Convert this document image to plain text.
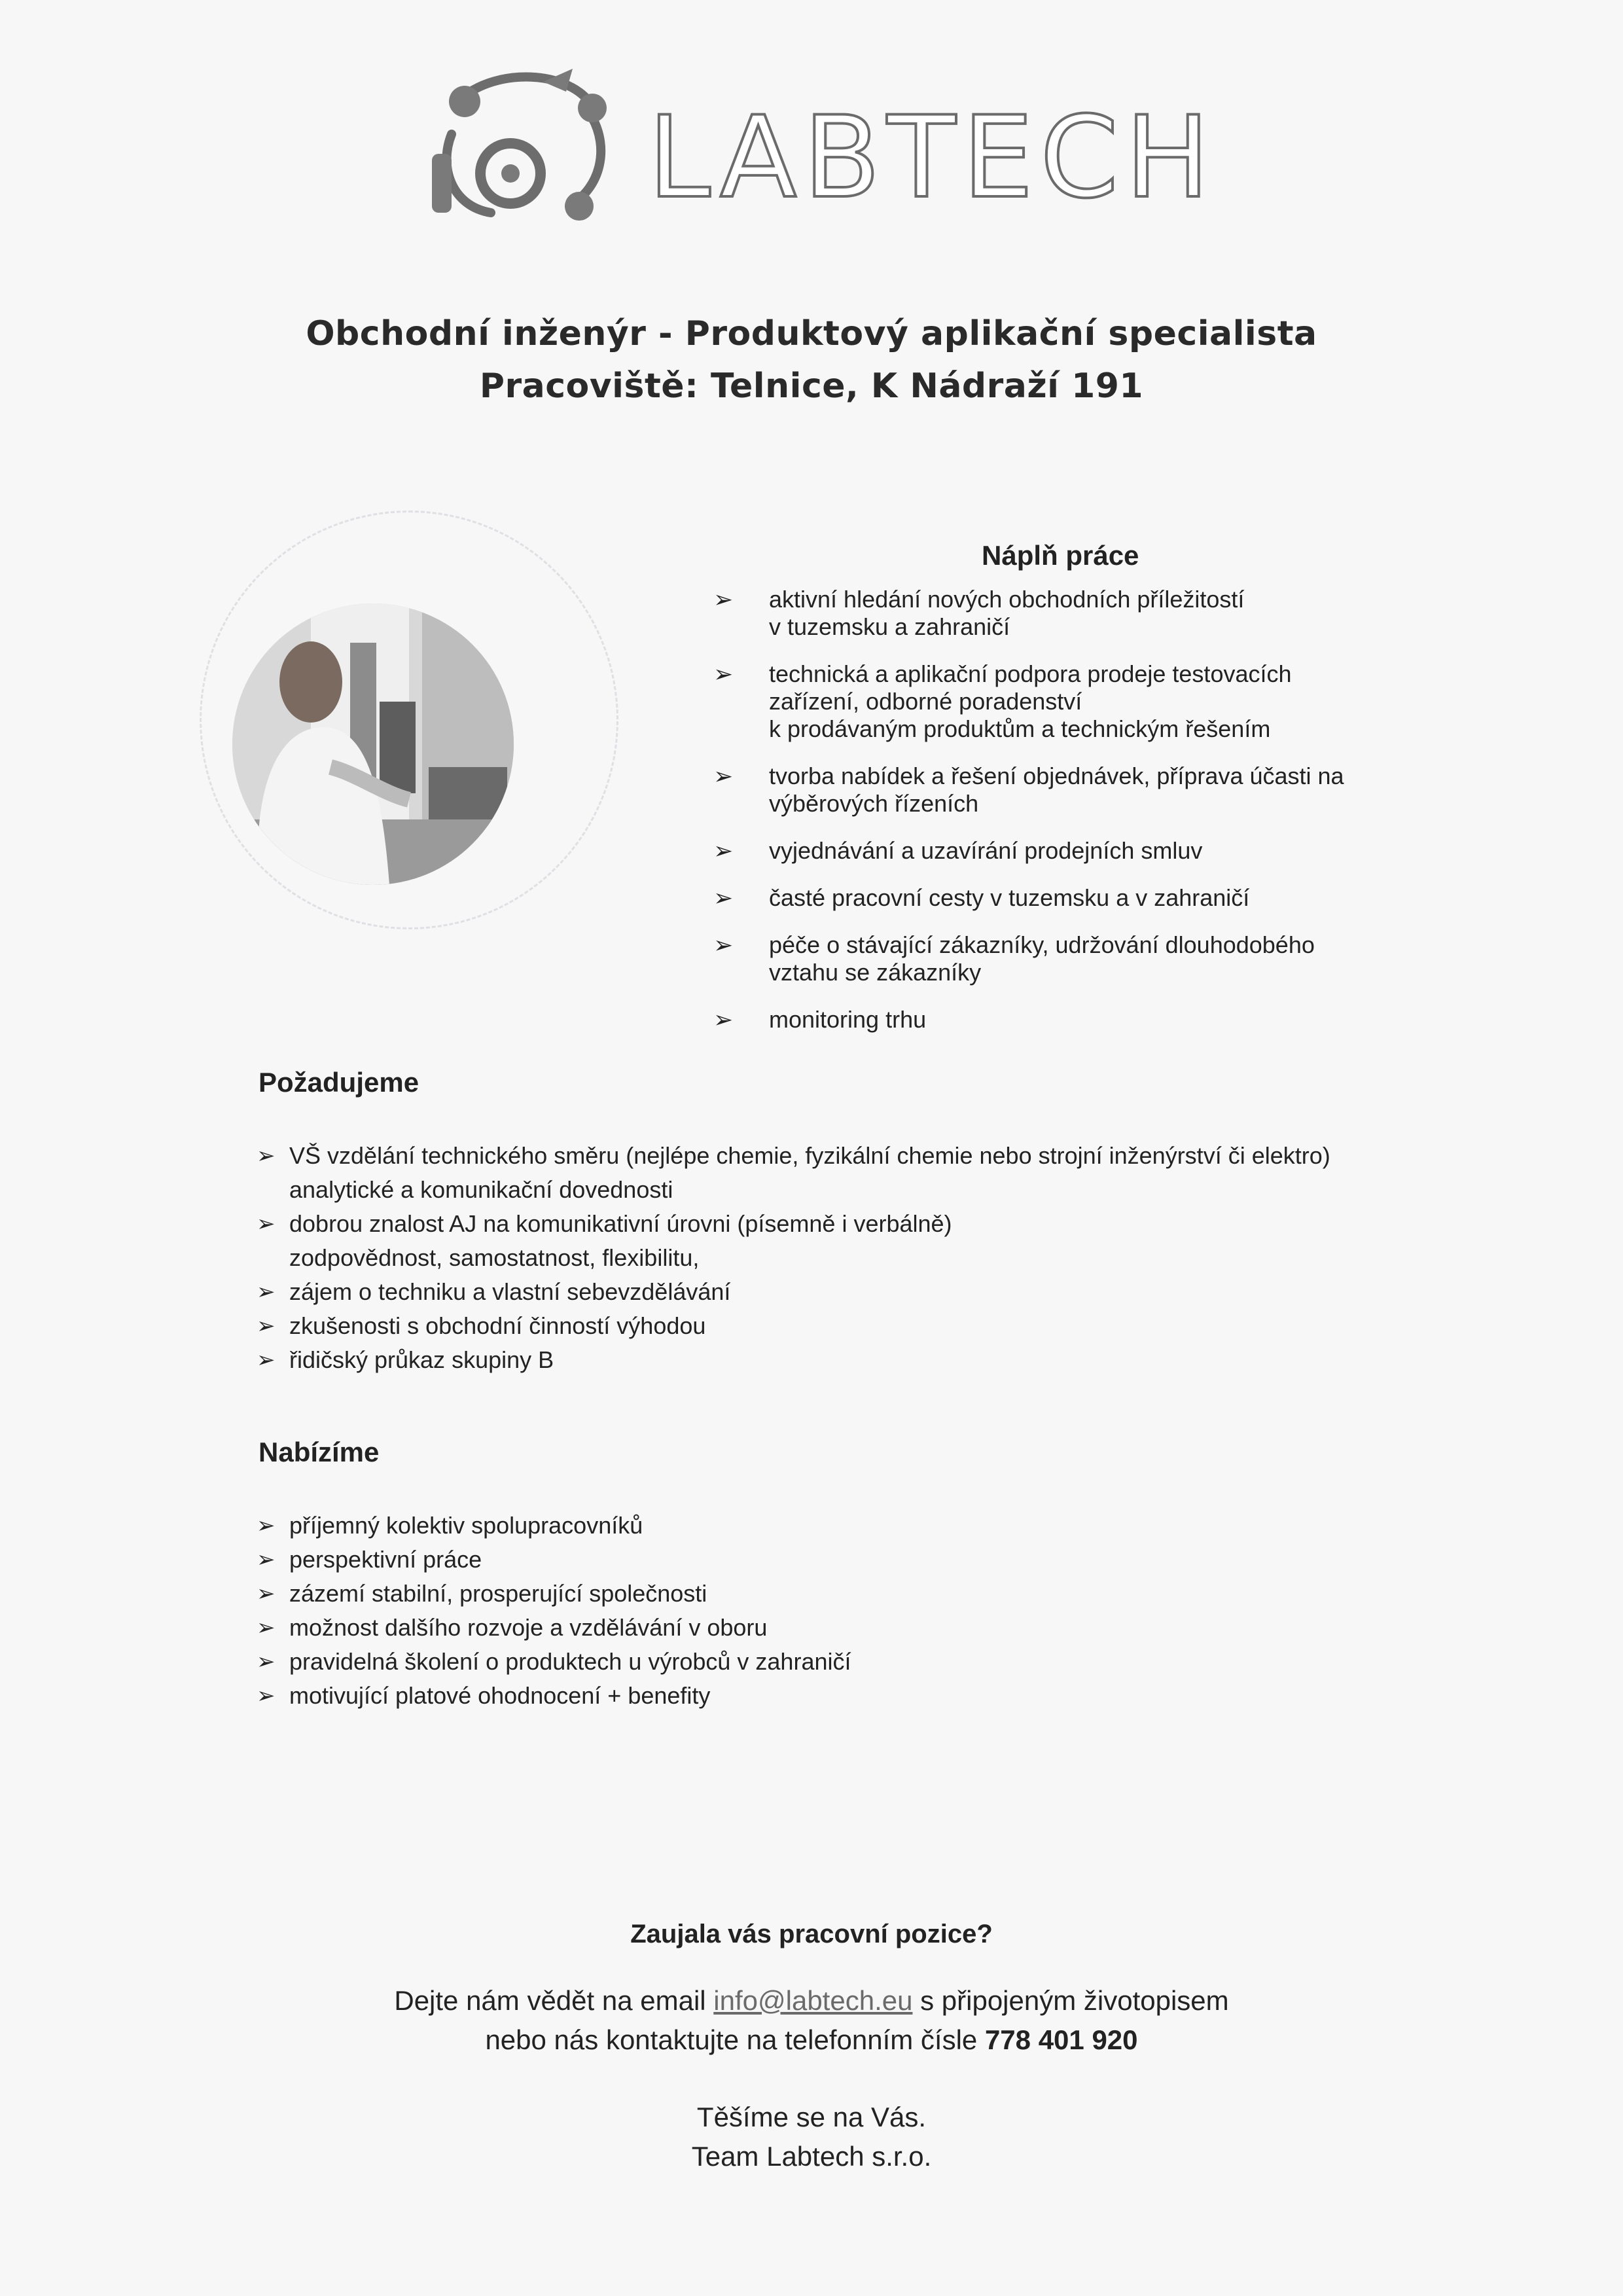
LABTECH
Obchodní inženýr - Produktový aplikační specialista
Pracoviště: Telnice, K Nádraží 191
Náplň práce
➢ aktivní hledání nových obchodních příležitostí
v tuzemsku a zahraničí
➢ technická a aplikační podpora prodeje testovacích
zařízení, odborné poradenství
k prodávaným produktům a technickým řešením
➢ tvorba nabídek a řešení objednávek, příprava účasti na
výběrových řízeních
➢ vyjednávání a uzavírání prodejních smluv
➢ časté pracovní cesty v tuzemsku a v zahraničí
➢ péče o stávající zákazníky, udržování dlouhodobého
vztahu se zákazníky
➢ monitoring trhu
Požadujeme
➢ VŠ vzdělání technického směru (nejlépe chemie, fyzikální chemie nebo strojní inženýrství či elektro)
analytické a komunikační dovednosti
➢ dobrou znalost AJ na komunikativní úrovni (písemně i verbálně)
zodpovědnost, samostatnost, flexibilitu,
➢ zájem o techniku a vlastní sebevzdělávání
➢ zkušenosti s obchodní činností výhodou
➢ řidičský průkaz skupiny B
Nabízíme
➢ příjemný kolektiv spolupracovníků
➢ perspektivní práce
➢ zázemí stabilní, prosperující společnosti
➢ možnost dalšího rozvoje a vzdělávání v oboru
➢ pravidelná školení o produktech u výrobců v zahraničí
➢ motivující platové ohodnocení + benefity
Zaujala vás pracovní pozice?
Dejte nám vědět na email info@labtech.eu s připojeným životopisem
nebo nás kontaktujte na telefonním čísle 778 401 920
Těšíme se na Vás.
Team Labtech s.r.o.
